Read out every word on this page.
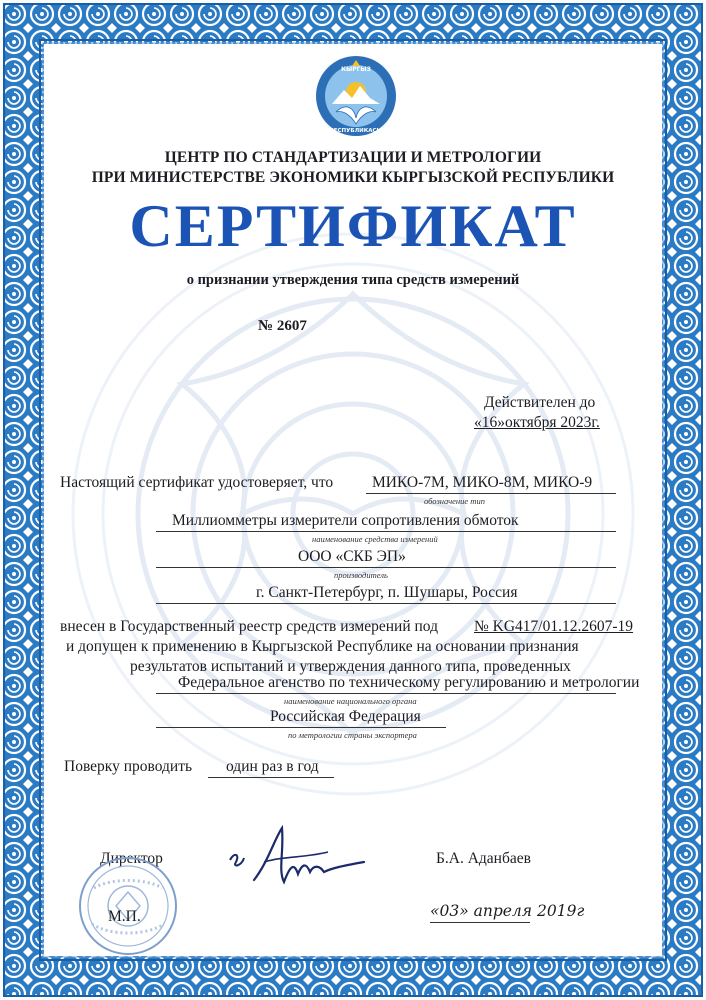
КЫРГЫЗ
РЕСПУБЛИКАСЫ
ЦЕНТР ПО СТАНДАРТИЗАЦИИ И МЕТРОЛОГИИ
ПРИ МИНИСТЕРСТВЕ ЭКОНОМИКИ КЫРГЫЗСКОЙ РЕСПУБЛИКИ
СЕРТИФИКАТ
о признании утверждения типа средств измерений
№ 2607
Действителен до
«16»октября 2023г.
Настоящий сертификат удостоверяет, что	МИКО-7М, МИКО-8М, МИКО-9
обозначение тип
Миллиомметры измерители сопротивления обмоток
наименование средства измерений
ООО «СКБ ЭП»
производитель
г. Санкт-Петербург, п. Шушары, Россия
внесен в Государственный реестр средств измерений под № KG417/01.12.2607-19
и допущен к применению в Кыргызской Республике на основании признания
результатов испытаний и утверждения данного типа, проведенных
Федеральное агенство по техническому регулированию и метрологии
наименование национального органа
Российская Федерация
по метрологии страны экспортера
Поверку проводить один раз в год
Директор	Б.А. Аданбаев
М.П.	«03» апреля 2019г
